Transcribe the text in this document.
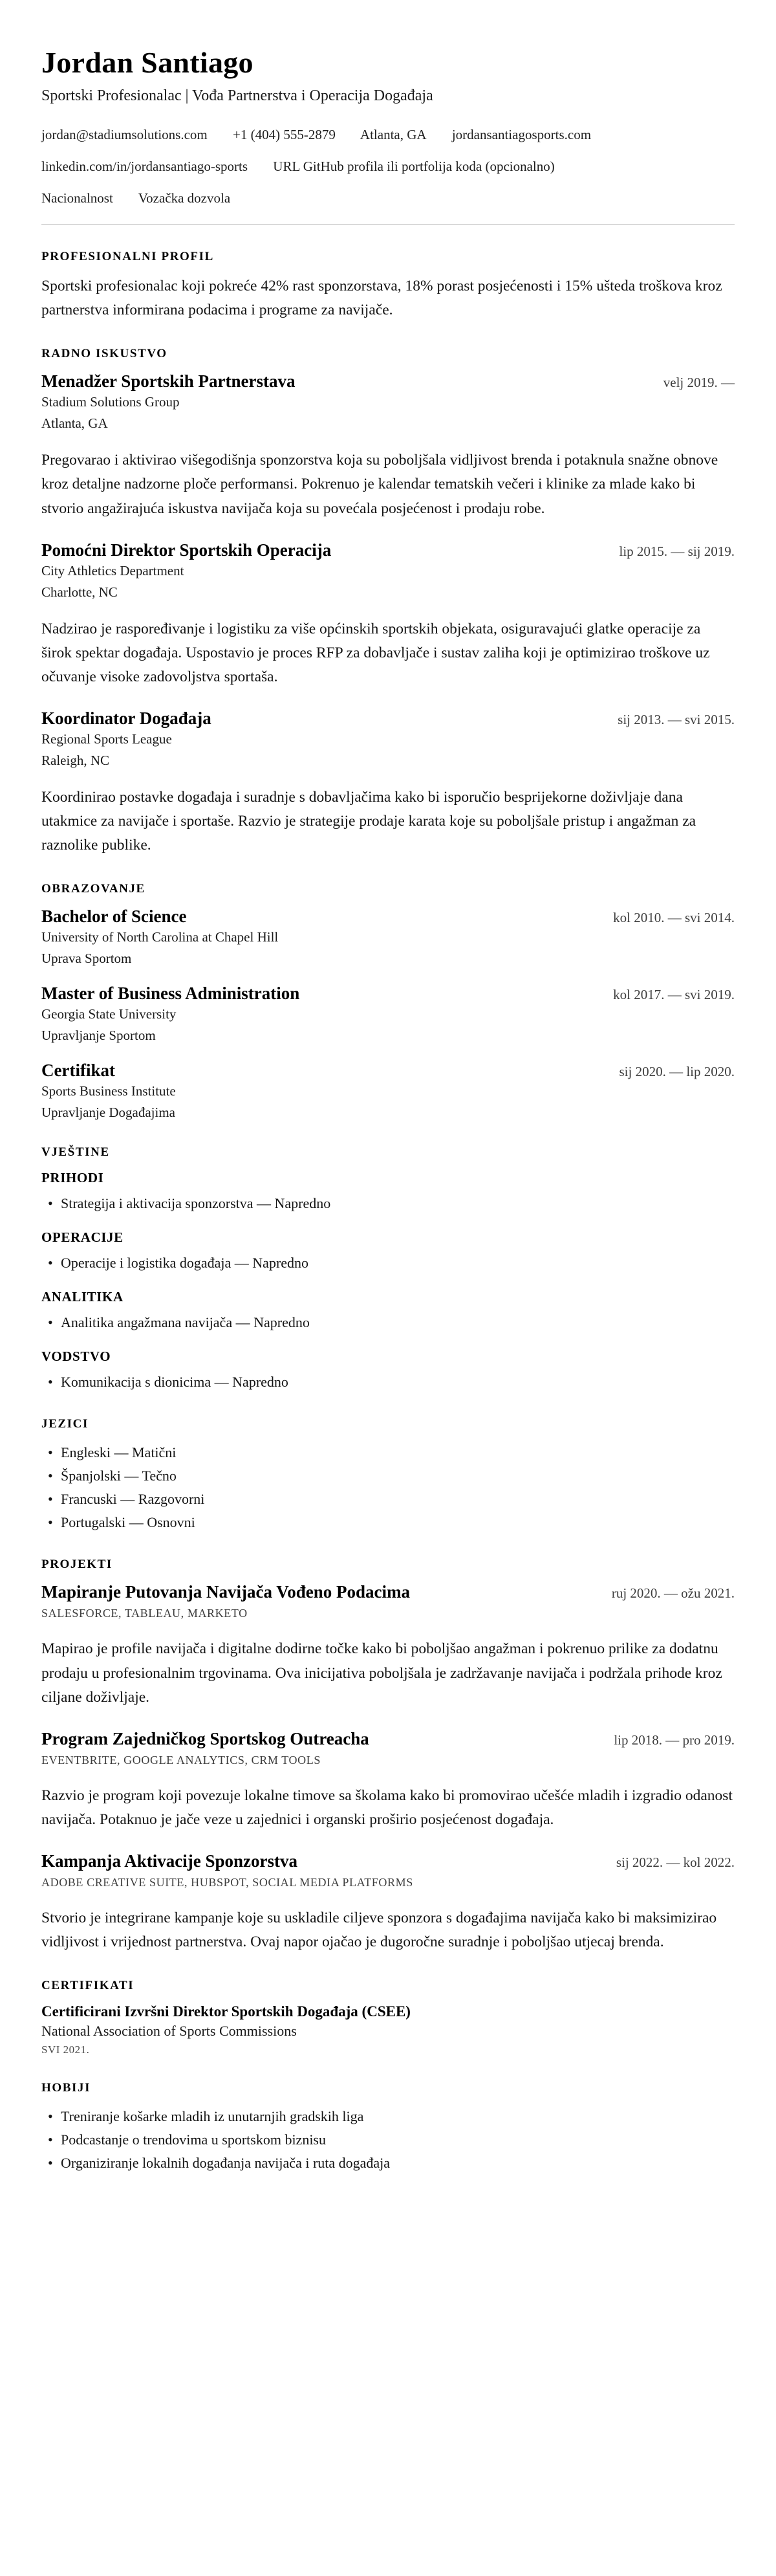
Jordan Santiago

Sportski Profesionalac | Vođa Partnerstva i Operacija Događaja

jordan@stadiumsolutions.com +1 (404) 555-2879 Atlanta, GA jordansantiagosports.com
linkedin.com/in/jordansantiago-sports URL GitHub profila ili portfolija koda (opcionalno)
Nacionalnost Vozačka dozvola
PROFESIONALNI PROFIL

Sportski profesionalac koji pokreće 42% rast sponzorstava, 18% porast posjećenosti i 15% ušteda troškova kroz partnerstva informirana podacima i programe za navijače.

RADNO ISKUSTVO
Menadžer Sportskih Partnerstava	velj 2019. —
Stadium Solutions Group
Atlanta, GA

Pregovarao i aktivirao višegodišnja sponzorstva koja su poboljšala vidljivost brenda i potaknula snažne obnove kroz detaljne nadzorne ploče performansi. Pokrenuo je kalendar tematskih večeri i klinike za mlade kako bi stvorio angažirajuća iskustva navijača koja su povećala posjećenost i prodaju robe.

Pomoćni Direktor Sportskih Operacija	lip 2015. — sij 2019.
City Athletics Department
Charlotte, NC

Nadzirao je raspoređivanje i logistiku za više općinskih sportskih objekata, osiguravajući glatke operacije za širok spektar događaja. Uspostavio je proces RFP za dobavljače i sustav zaliha koji je optimizirao troškove uz očuvanje visoke zadovoljstva sportaša.

Koordinator Događaja	sij 2013. — svi 2015.
Regional Sports League
Raleigh, NC

Koordinirao postavke događaja i suradnje s dobavljačima kako bi isporučio besprijekorne doživljaje dana utakmice za navijače i sportaše. Razvio je strategije prodaje karata koje su poboljšale pristup i angažman za raznolike publike.

OBRAZOVANJE
Bachelor of Science	kol 2010. — svi 2014.
University of North Carolina at Chapel Hill
Uprava Sportom
Master of Business Administration	kol 2017. — svi 2019.
Georgia State University
Upravljanje Sportom
Certifikat	sij 2020. — lip 2020.
Sports Business Institute
Upravljanje Događajima
VJEŠTINE
PRIHODI
• Strategija i aktivacija sponzorstva — Napredno
OPERACIJE
• Operacije i logistika događaja — Napredno
ANALITIKA
• Analitika angažmana navijača — Napredno
VODSTVO
• Komunikacija s dionicima — Napredno
JEZICI
• Engleski — Matični
• Španjolski — Tečno
• Francuski — Razgovorni
• Portugalski — Osnovni
PROJEKTI
Mapiranje Putovanja Navijača Vođeno Podacima	ruj 2020. — ožu 2021.
SALESFORCE, TABLEAU, MARKETO

Mapirao je profile navijača i digitalne dodirne točke kako bi poboljšao angažman i pokrenuo prilike za dodatnu prodaju u profesionalnim trgovinama. Ova inicijativa poboljšala je zadržavanje navijača i podržala prihode kroz ciljane doživljaje.

Program Zajedničkog Sportskog Outreacha	lip 2018. — pro 2019.
EVENTBRITE, GOOGLE ANALYTICS, CRM TOOLS

Razvio je program koji povezuje lokalne timove sa školama kako bi promovirao učešće mladih i izgradio odanost navijača. Potaknuo je jače veze u zajednici i organski proširio posjećenost događaja.

Kampanja Aktivacije Sponzorstva	sij 2022. — kol 2022.
ADOBE CREATIVE SUITE, HUBSPOT, SOCIAL MEDIA PLATFORMS

Stvorio je integrirane kampanje koje su uskladile ciljeve sponzora s događajima navijača kako bi maksimizirao vidljivost i vrijednost partnerstva. Ovaj napor ojačao je dugoročne suradnje i poboljšao utjecaj brenda.

CERTIFIKATI
Certificirani Izvršni Direktor Sportskih Događaja (CSEE)
National Association of Sports Commissions
SVI 2021.
HOBIJI
• Treniranje košarke mladih iz unutarnjih gradskih liga
• Podcastanje o trendovima u sportskom biznisu
• Organiziranje lokalnih događanja navijača i ruta događaja
